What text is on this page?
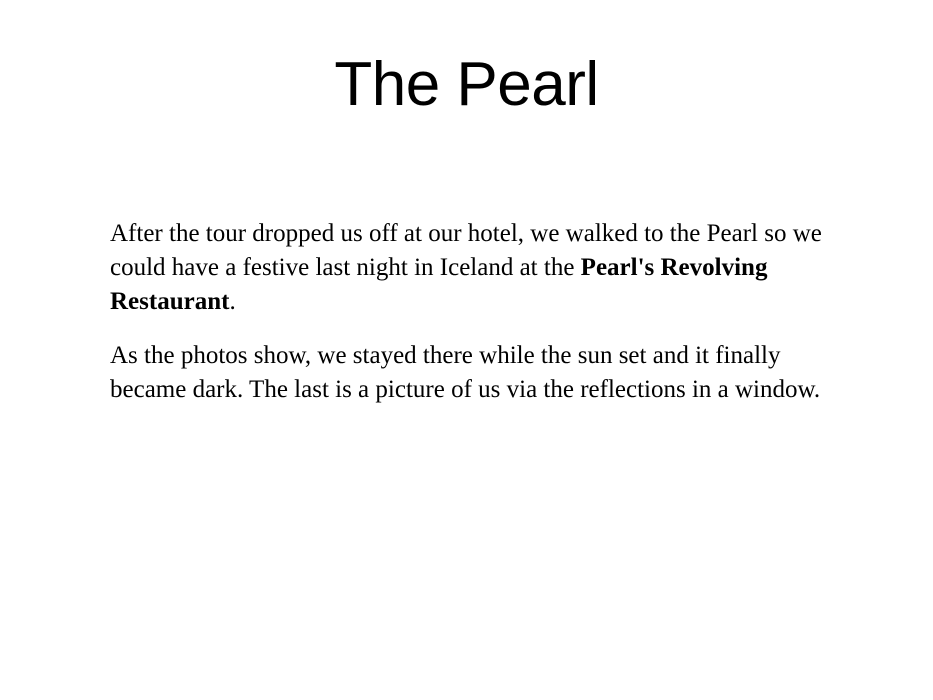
The Pearl

After the tour dropped us off at our hotel, we walked to the Pearl so we could have a festive last night in Iceland at the Pearl's Revolving Restaurant.

As the photos show, we stayed there while the sun set and it finally became dark. The last is a picture of us via the reflections in a window.
